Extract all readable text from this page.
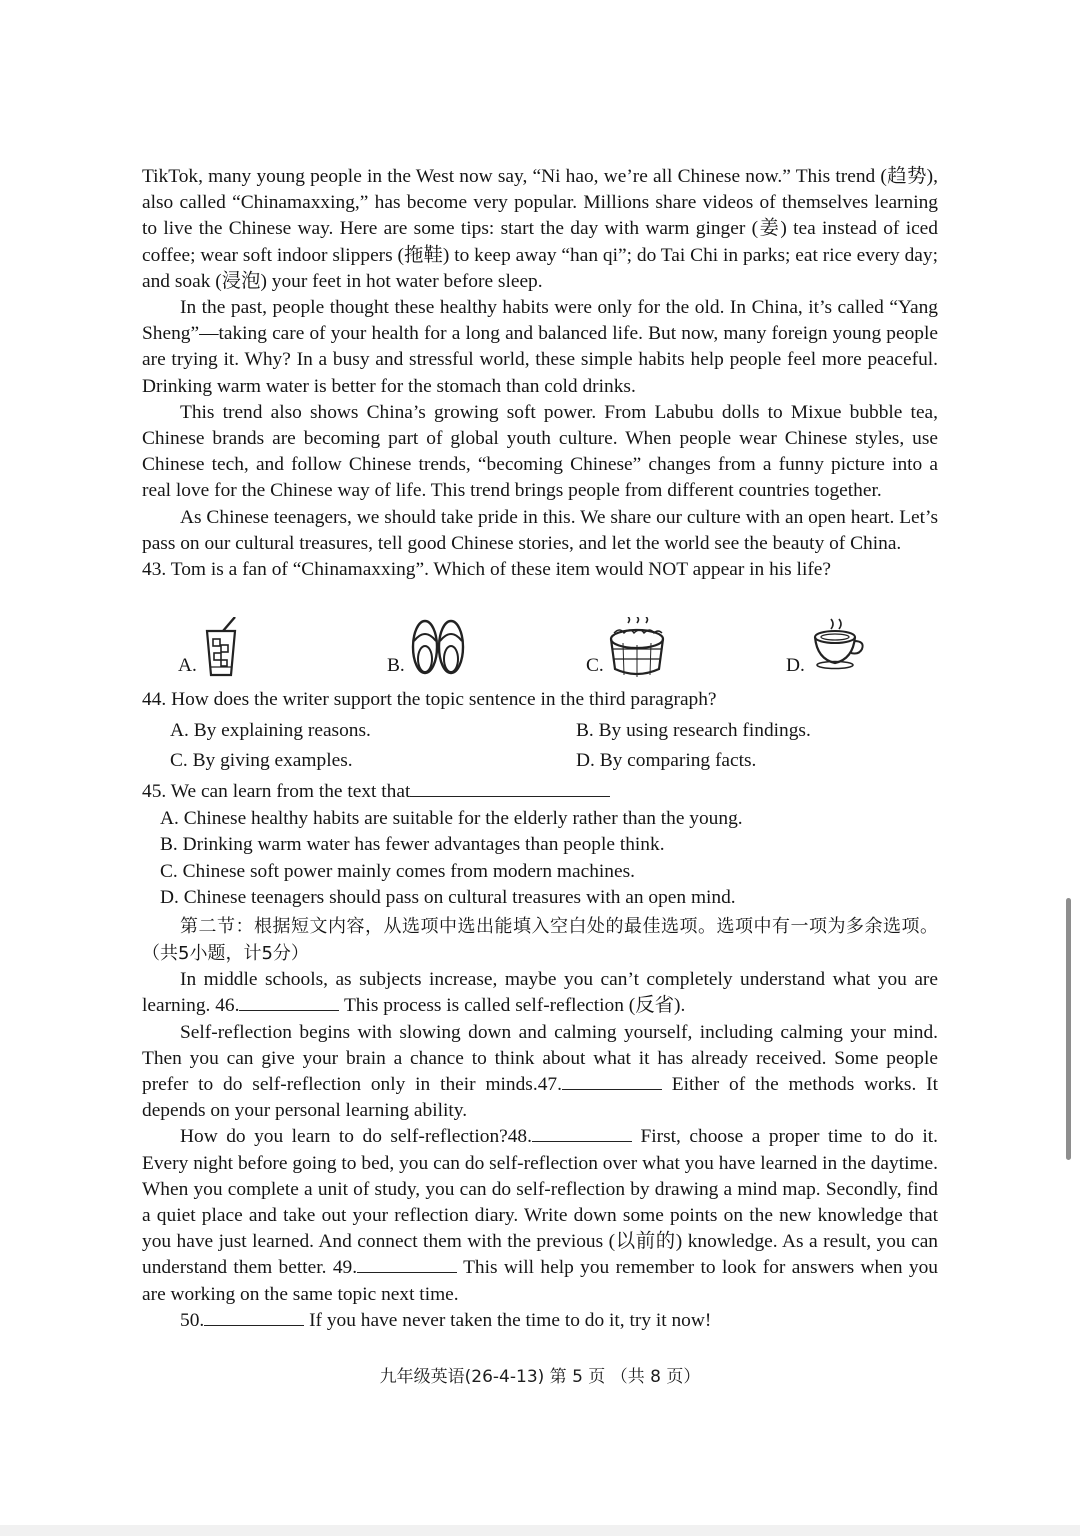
TikTok, many young people in the West now say, “Ni hao, we’re all Chinese now.” This trend (趋势), also called “Chinamaxxing,” has become very popular. Millions share videos of themselves learning to live the Chinese way. Here are some tips: start the day with warm ginger (姜) tea instead of iced coffee; wear soft indoor slippers (拖鞋) to keep away “han qi”; do Tai Chi in parks; eat rice every day; and soak (浸泡) your feet in hot water before sleep.

In the past, people thought these healthy habits were only for the old. In China, it’s called “Yang Sheng”—taking care of your health for a long and balanced life. But now, many foreign young people are trying it. Why? In a busy and stressful world, these simple habits help people feel more peaceful. Drinking warm water is better for the stomach than cold drinks.

This trend also shows China’s growing soft power. From Labubu dolls to Mixue bubble tea, Chinese brands are becoming part of global youth culture. When people wear Chinese styles, use Chinese tech, and follow Chinese trends, “becoming Chinese” changes from a funny picture into a real love for the Chinese way of life. This trend brings people from different countries together.

As Chinese teenagers, we should take pride in this. We share our culture with an open heart. Let’s pass on our cultural treasures, tell good Chinese stories, and let the world see the beauty of China.

43. Tom is a fan of “Chinamaxxing”. Which of these item would NOT appear in his life?

A.	B.	C.	D.

44. How does the writer support the topic sentence in the third paragraph?

A. By explaining reasons.	B. By using research findings.
C. By giving examples.	D. By comparing facts.

45. We can learn from the text that

A. Chinese healthy habits are suitable for the elderly rather than the young.
B. Drinking warm water has fewer advantages than people think.
C. Chinese soft power mainly comes from modern machines.
D. Chinese teenagers should pass on cultural treasures with an open mind.

第二节：根据短文内容，从选项中选出能填入空白处的最佳选项。选项中有一项为多余选项。（共5小题，计5分）

In middle schools, as subjects increase, maybe you can’t completely understand what you are learning. 46.	This process is called self-reflection (反省).

Self-reflection begins with slowing down and calming yourself, including calming your mind. Then you can give your brain a chance to think about what it has already received. Some people prefer to do self-reflection only in their minds.47.	Either of the methods works. It depends on your personal learning ability.

How do you learn to do self-reflection?48.	First, choose a proper time to do it. Every night before going to bed, you can do self-reflection over what you have learned in the daytime. When you complete a unit of study, you can do self-reflection by drawing a mind map. Secondly, find a quiet place and take out your reflection diary. Write down some points on the new knowledge that you have just learned. And connect them with the previous (以前的) knowledge. As a result, you can understand them better. 49.	This will help you remember to look for answers when you are working on the same topic next time.

50.	If you have never taken the time to do it, try it now!

九年级英语(26-4-13) 第 5 页 （共 8 页）
